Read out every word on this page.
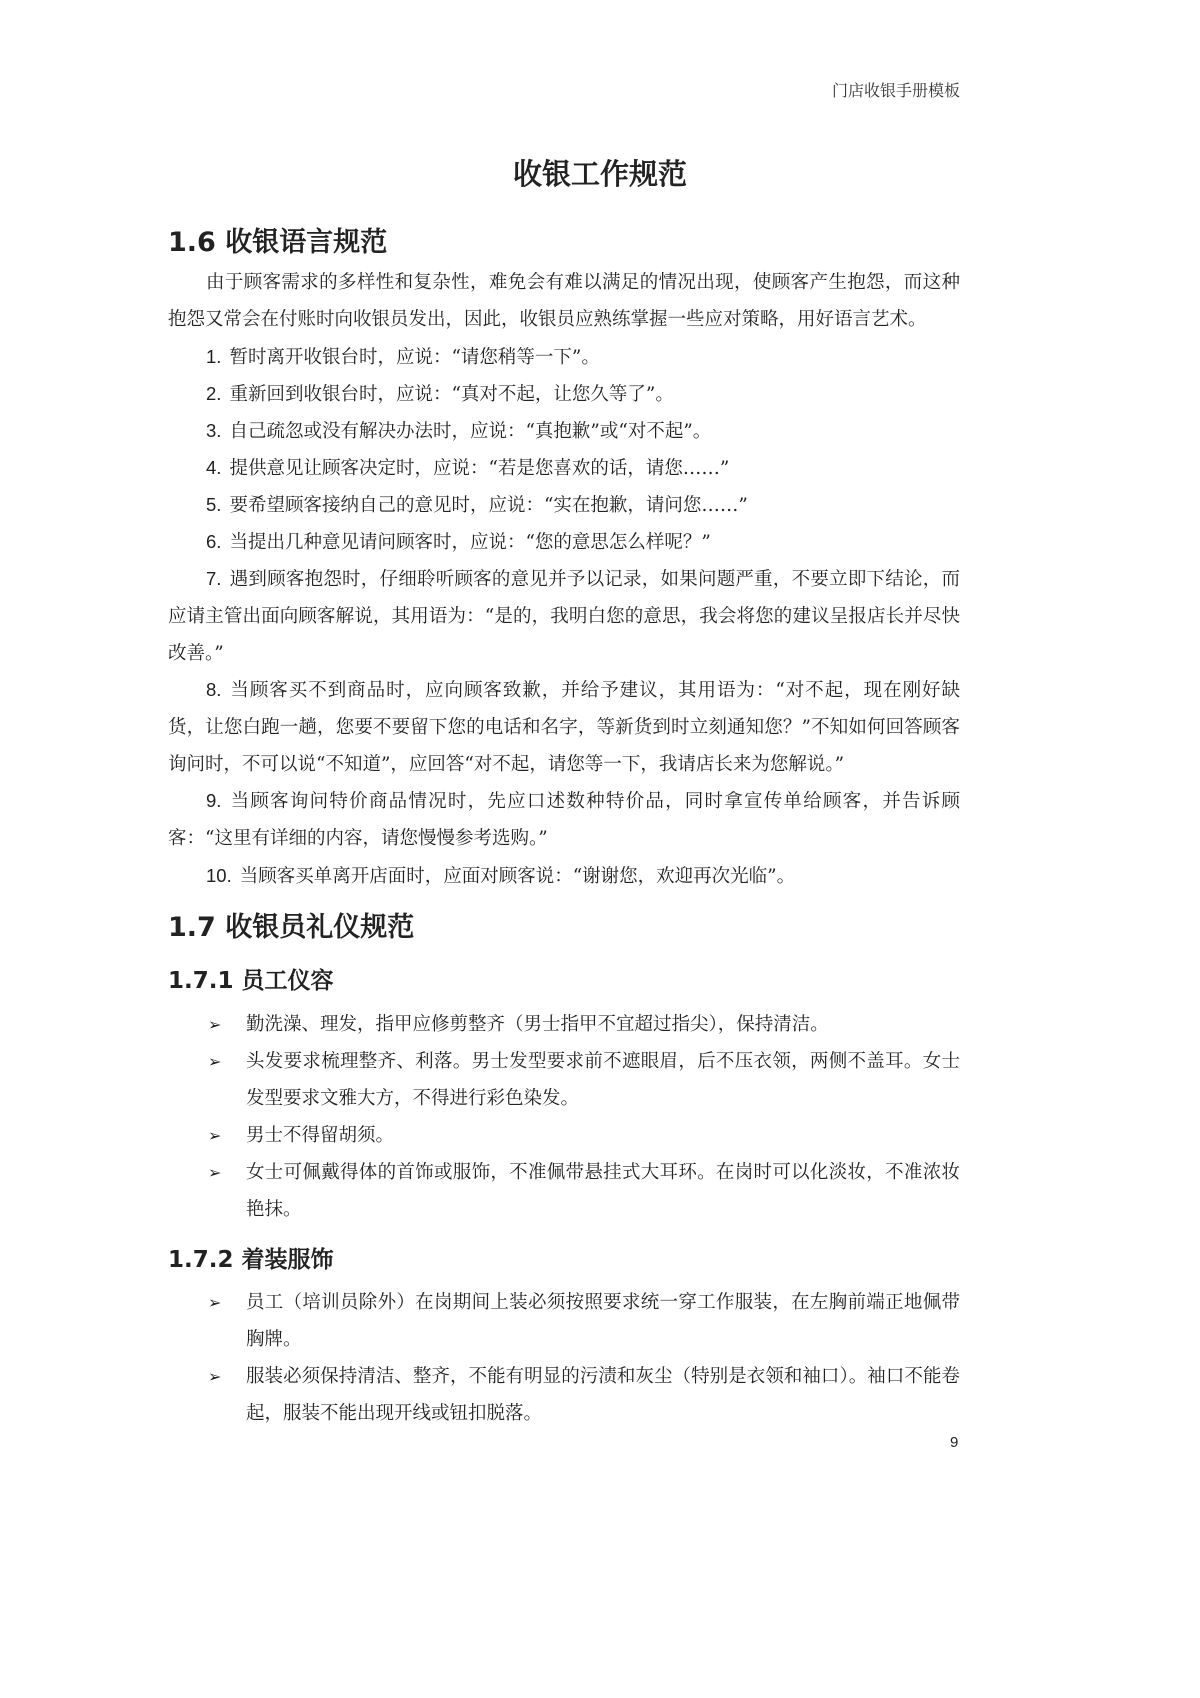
门店收银手册模板
收银工作规范
1.6 收银语言规范
由于顾客需求的多样性和复杂性，难免会有难以满足的情况出现，使顾客产生抱怨，而这种抱怨又常会在付账时向收银员发出，因此，收银员应熟练掌握一些应对策略，用好语言艺术。
1. 暂时离开收银台时，应说：“请您稍等一下”。
2. 重新回到收银台时，应说：“真对不起，让您久等了”。
3. 自己疏忽或没有解决办法时，应说：“真抱歉”或“对不起”。
4. 提供意见让顾客决定时，应说：“若是您喜欢的话，请您……”
5. 要希望顾客接纳自己的意见时，应说：“实在抱歉，请问您……”
6. 当提出几种意见请问顾客时，应说：“您的意思怎么样呢？”
7. 遇到顾客抱怨时，仔细聆听顾客的意见并予以记录，如果问题严重，不要立即下结论，而应请主管出面向顾客解说，其用语为：“是的，我明白您的意思，我会将您的建议呈报店长并尽快改善。”
8. 当顾客买不到商品时，应向顾客致歉，并给予建议，其用语为：“对不起，现在刚好缺货，让您白跑一趟，您要不要留下您的电话和名字，等新货到时立刻通知您？”不知如何回答顾客询问时，不可以说“不知道”，应回答“对不起，请您等一下，我请店长来为您解说。”
9. 当顾客询问特价商品情况时，先应口述数种特价品，同时拿宣传单给顾客，并告诉顾客：“这里有详细的内容，请您慢慢参考选购。”
10. 当顾客买单离开店面时，应面对顾客说：“谢谢您，欢迎再次光临”。
1.7 收银员礼仪规范
1.7.1 员工仪容
➢	勤洗澡、理发，指甲应修剪整齐（男士指甲不宜超过指尖），保持清洁。
➢	头发要求梳理整齐、利落。男士发型要求前不遮眼眉，后不压衣领，两侧不盖耳。女士发型要求文雅大方，不得进行彩色染发。
➢	男士不得留胡须。
➢	女士可佩戴得体的首饰或服饰，不准佩带悬挂式大耳环。在岗时可以化淡妆，不准浓妆艳抹。
1.7.2 着装服饰
➢	员工（培训员除外）在岗期间上装必须按照要求统一穿工作服装，在左胸前端正地佩带胸牌。
➢	服装必须保持清洁、整齐，不能有明显的污渍和灰尘（特别是衣领和袖口）。袖口不能卷起，服装不能出现开线或钮扣脱落。
9
